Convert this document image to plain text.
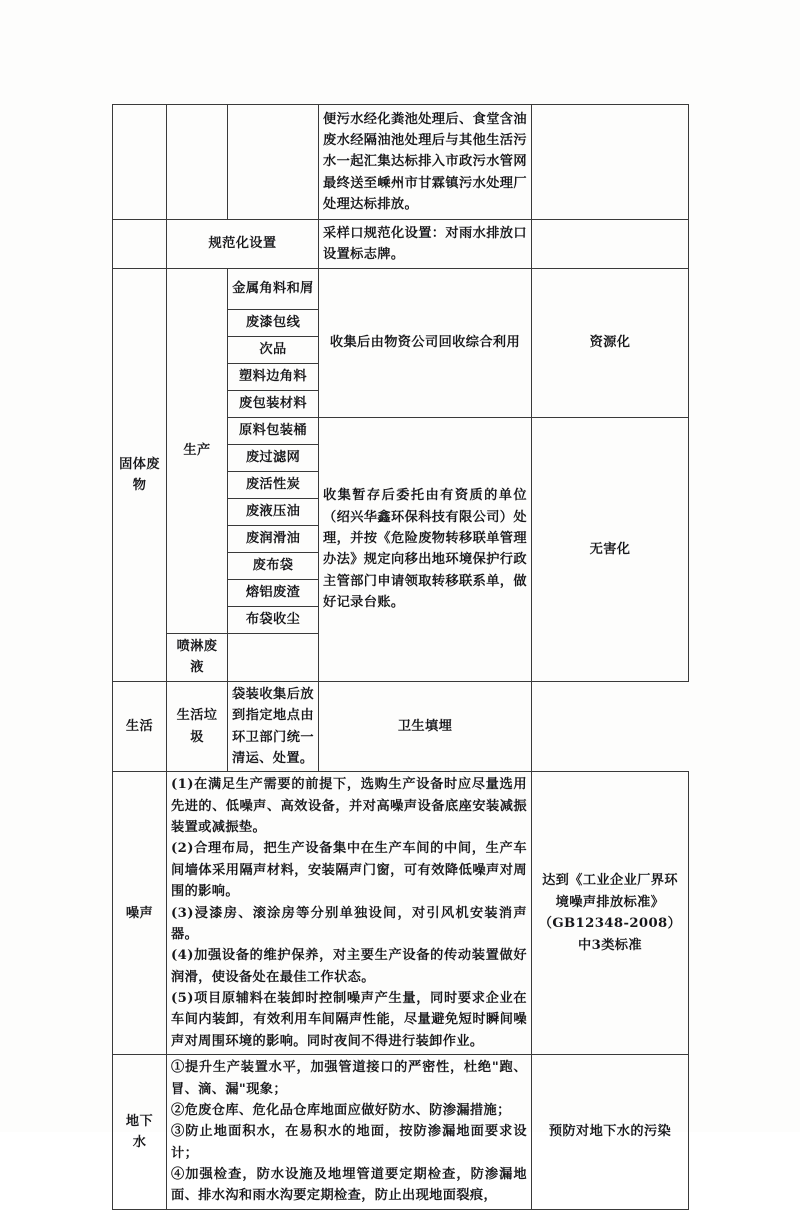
			便污水经化粪池处理后、食堂含油废水经隔油池处理后与其他生活污水一起汇集达标排入市政污水管网最终送至嵊州市甘霖镇污水处理厂处理达标排放。	
	规范化设置		采样口规范化设置：对雨水排放口设置标志牌。	
固体废物	生产	金属角料和屑	收集后由物资公司回收综合利用	资源化
		废漆包线		
		次品		
		塑料边角料		
		废包装材料		
		原料包装桶	收集暂存后委托由有资质的单位（绍兴华鑫环保科技有限公司）处理，并按《危险废物转移联单管理办法》规定向移出地环境保护行政主管部门申请领取转移联系单，做好记录台账。	无害化
		废过滤网		
		废活性炭		
		废液压油		
		废润滑油		
		废布袋		
		熔铝废渣		
		布袋收尘		
	喷淋废液			
生活	生活垃圾	袋装收集后放到指定地点由环卫部门统一清运、处置。	卫生填埋	
噪声	(1)在满足生产需要的前提下，选购生产设备时应尽量选用先进的、低噪声、高效设备，并对高噪声设备底座安装减振装置或减振垫。

(2)合理布局，把生产设备集中在生产车间的中间，生产车间墙体采用隔声材料，安装隔声门窗，可有效降低噪声对周围的影响。

(3)浸漆房、滚涂房等分别单独设间，对引风机安装消声器。

(4)加强设备的维护保养，对主要生产设备的传动装置做好润滑，使设备处在最佳工作状态。

(5)项目原辅料在装卸时控制噪声产生量，同时要求企业在车间内装卸，有效利用车间隔声性能，尽量避免短时瞬间噪声对周围环境的影响。同时夜间不得进行装卸作业。			达到《工业企业厂界环境噪声排放标准》（GB12348-2008）中3类标准
地下水	①提升生产装置水平，加强管道接口的严密性，杜绝"跑、冒、滴、漏"现象；

②危废仓库、危化品仓库地面应做好防水、防渗漏措施；

③防止地面积水，在易积水的地面，按防渗漏地面要求设计；

④加强检查，防水设施及地埋管道要定期检查，防渗漏地面、排水沟和雨水沟要定期检查，防止出现地面裂痕，			预防对地下水的污染
